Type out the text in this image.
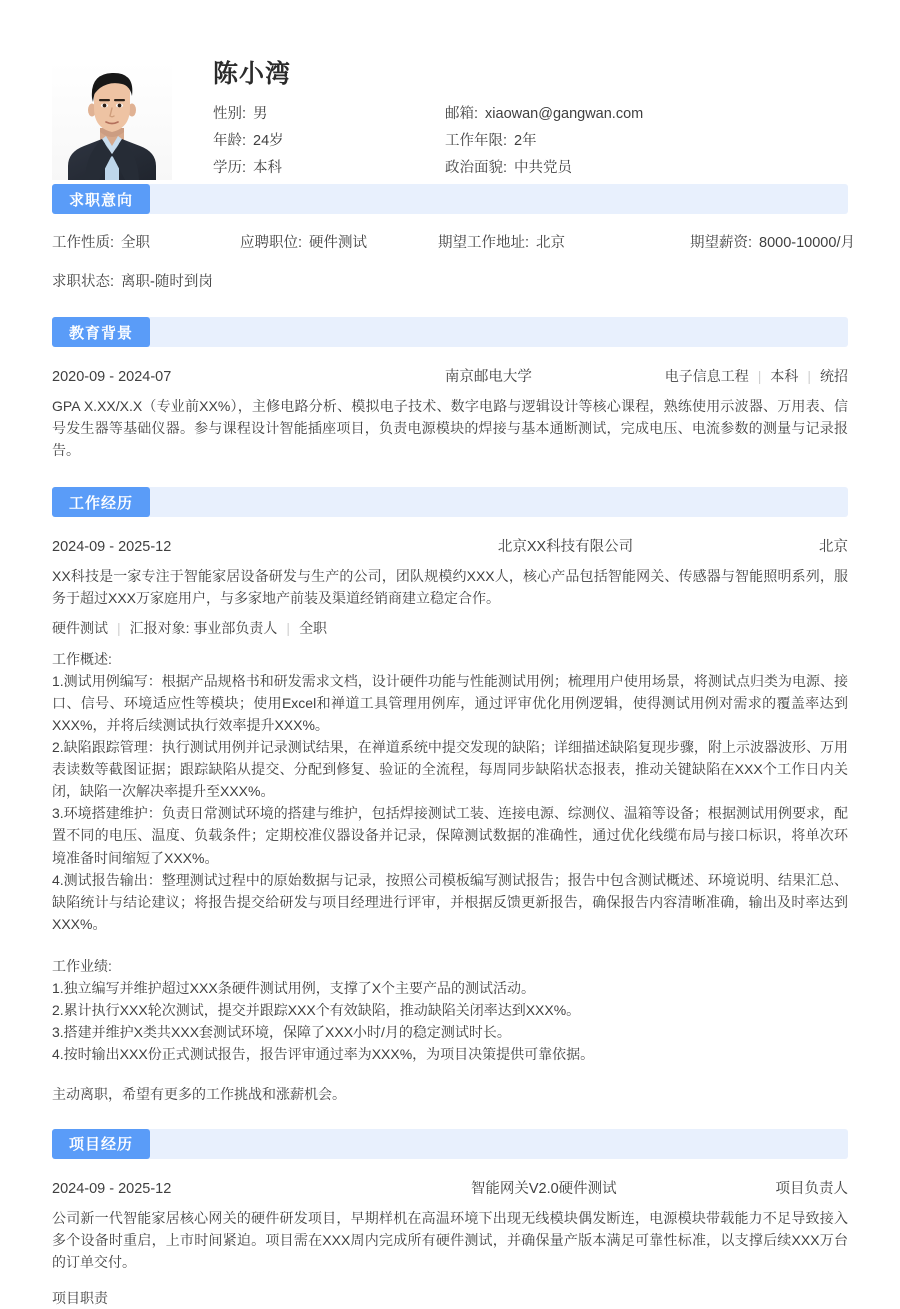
陈小湾
性别: 男	邮箱: xiaowan@gangwan.com
年龄: 24岁	工作年限: 2年
学历: 本科	政治面貌: 中共党员
求职意向
工作性质: 全职	应聘职位: 硬件测试	期望工作地址: 北京	期望薪资: 8000-10000/月
求职状态: 离职-随时到岗
教育背景
2020-09 - 2024-07	南京邮电大学	电子信息工程 | 本科 | 统招
GPA X.XX/X.X（专业前XX%），主修电路分析、模拟电子技术、数字电路与逻辑设计等核心课程，熟练使用示波器、万用表、信号发生器等基础仪器。参与课程设计智能插座项目，负责电源模块的焊接与基本通断测试，完成电压、电流参数的测量与记录报告。
工作经历
2024-09 - 2025-12	北京XX科技有限公司	北京
XX科技是一家专注于智能家居设备研发与生产的公司，团队规模约XXX人，核心产品包括智能网关、传感器与智能照明系列，服务于超过XXX万家庭用户，与多家地产前装及渠道经销商建立稳定合作。
硬件测试 | 汇报对象: 事业部负责人 | 全职
工作概述:
1.测试用例编写：根据产品规格书和研发需求文档，设计硬件功能与性能测试用例；梳理用户使用场景，将测试点归类为电源、接口、信号、环境适应性等模块；使用Excel和禅道工具管理用例库，通过评审优化用例逻辑，使得测试用例对需求的覆盖率达到XXX%，并将后续测试执行效率提升XXX%。
2.缺陷跟踪管理：执行测试用例并记录测试结果，在禅道系统中提交发现的缺陷；详细描述缺陷复现步骤，附上示波器波形、万用表读数等截图证据；跟踪缺陷从提交、分配到修复、验证的全流程，每周同步缺陷状态报表，推动关键缺陷在XXX个工作日内关闭，缺陷一次解决率提升至XXX%。
3.环境搭建维护：负责日常测试环境的搭建与维护，包括焊接测试工装、连接电源、综测仪、温箱等设备；根据测试用例要求，配置不同的电压、温度、负载条件；定期校准仪器设备并记录，保障测试数据的准确性，通过优化线缆布局与接口标识，将单次环境准备时间缩短了XXX%。
4.测试报告输出：整理测试过程中的原始数据与记录，按照公司模板编写测试报告；报告中包含测试概述、环境说明、结果汇总、缺陷统计与结论建议；将报告提交给研发与项目经理进行评审，并根据反馈更新报告，确保报告内容清晰准确，输出及时率达到XXX%。
工作业绩:
1.独立编写并维护超过XXX条硬件测试用例，支撑了X个主要产品的测试活动。
2.累计执行XXX轮次测试，提交并跟踪XXX个有效缺陷，推动缺陷关闭率达到XXX%。
3.搭建并维护X类共XXX套测试环境，保障了XXX小时/月的稳定测试时长。
4.按时输出XXX份正式测试报告，报告评审通过率为XXX%，为项目决策提供可靠依据。
主动离职，希望有更多的工作挑战和涨薪机会。
项目经历
2024-09 - 2025-12	智能网关V2.0硬件测试	项目负责人
公司新一代智能家居核心网关的硬件研发项目，早期样机在高温环境下出现无线模块偶发断连，电源模块带载能力不足导致接入多个设备时重启，上市时间紧迫。项目需在XXX周内完成所有硬件测试，并确保量产版本满足可靠性标准，以支撑后续XXX万台的订单交付。
项目职责
